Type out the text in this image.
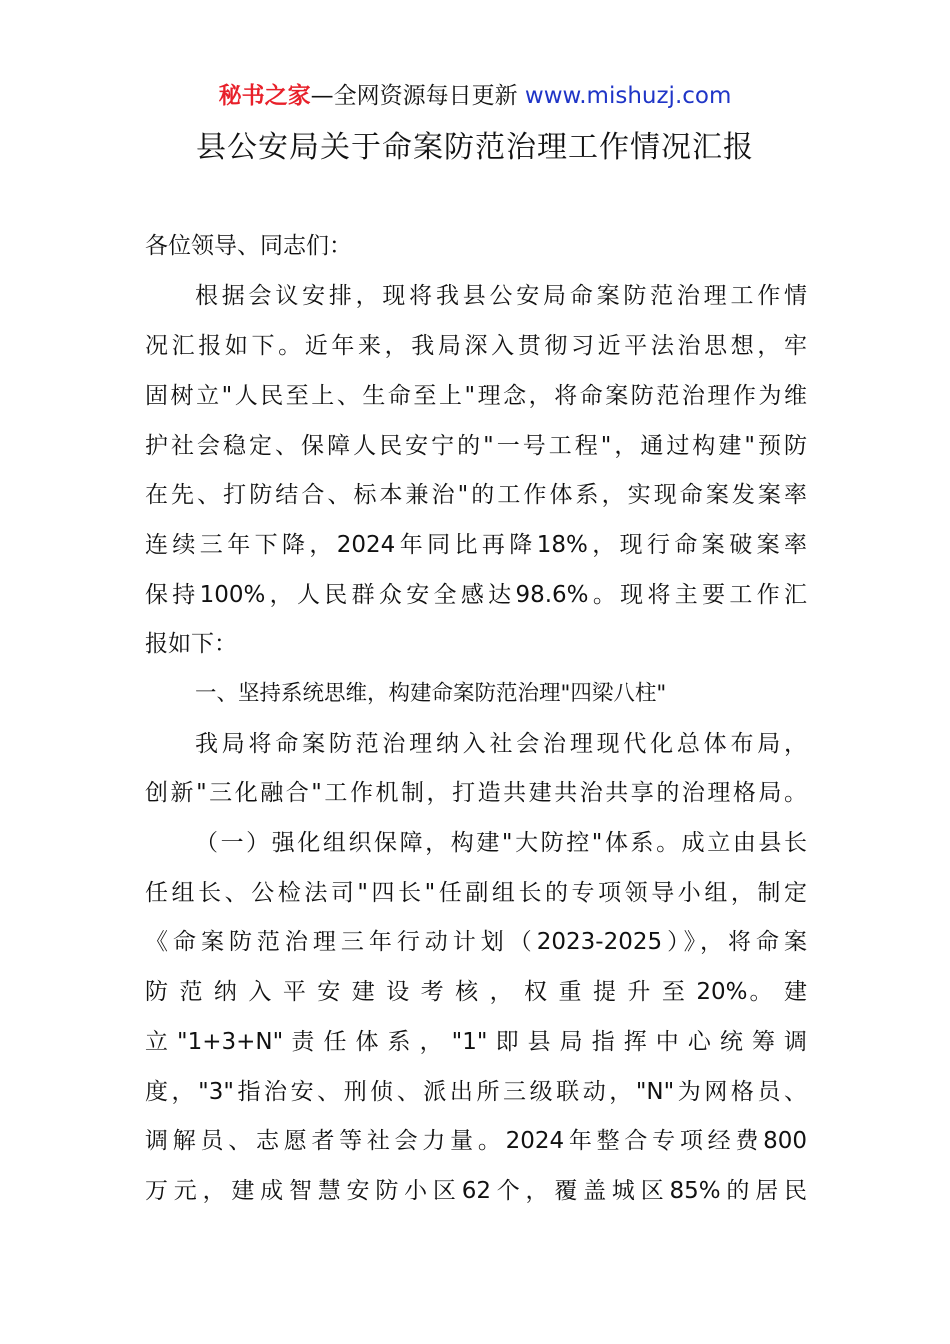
秘书之家—全网资源每日更新 www.mishuzj.com
县公安局关于命案防范治理工作情况汇报
各位领导、同志们：
根据会议安排，现将我县公安局命案防范治理工作情
况汇报如下。近年来，我局深入贯彻习近平法治思想，牢
固树立"人民至上、生命至上"理念，将命案防范治理作为维
护社会稳定、保障人民安宁的"一号工程"，通过构建"预防
在先、打防结合、标本兼治"的工作体系，实现命案发案率
连续三年下降，2024年同比再降18%，现行命案破案率
保持100%，人民群众安全感达98.6%。现将主要工作汇
报如下：
一、坚持系统思维，构建命案防范治理"四梁八柱"
我局将命案防范治理纳入社会治理现代化总体布局，
创新"三化融合"工作机制，打造共建共治共享的治理格局。
（一）强化组织保障，构建"大防控"体系。成立由县长
任组长、公检法司"四长"任副组长的专项领导小组，制定
《命案防范治理三年行动计划（2023-2025）》，将命案
防 范 纳 入 平 安 建 设 考 核 ， 权 重 提 升 至 20%。 建
立 "1+3+N" 责 任 体 系 ， "1" 即 县 局 指 挥 中 心 统 筹 调
度，"3"指治安、刑侦、派出所三级联动，"N"为网格员、
调解员、志愿者等社会力量。2024年整合专项经费800
万元，建成智慧安防小区62个，覆盖城区85%的居民
